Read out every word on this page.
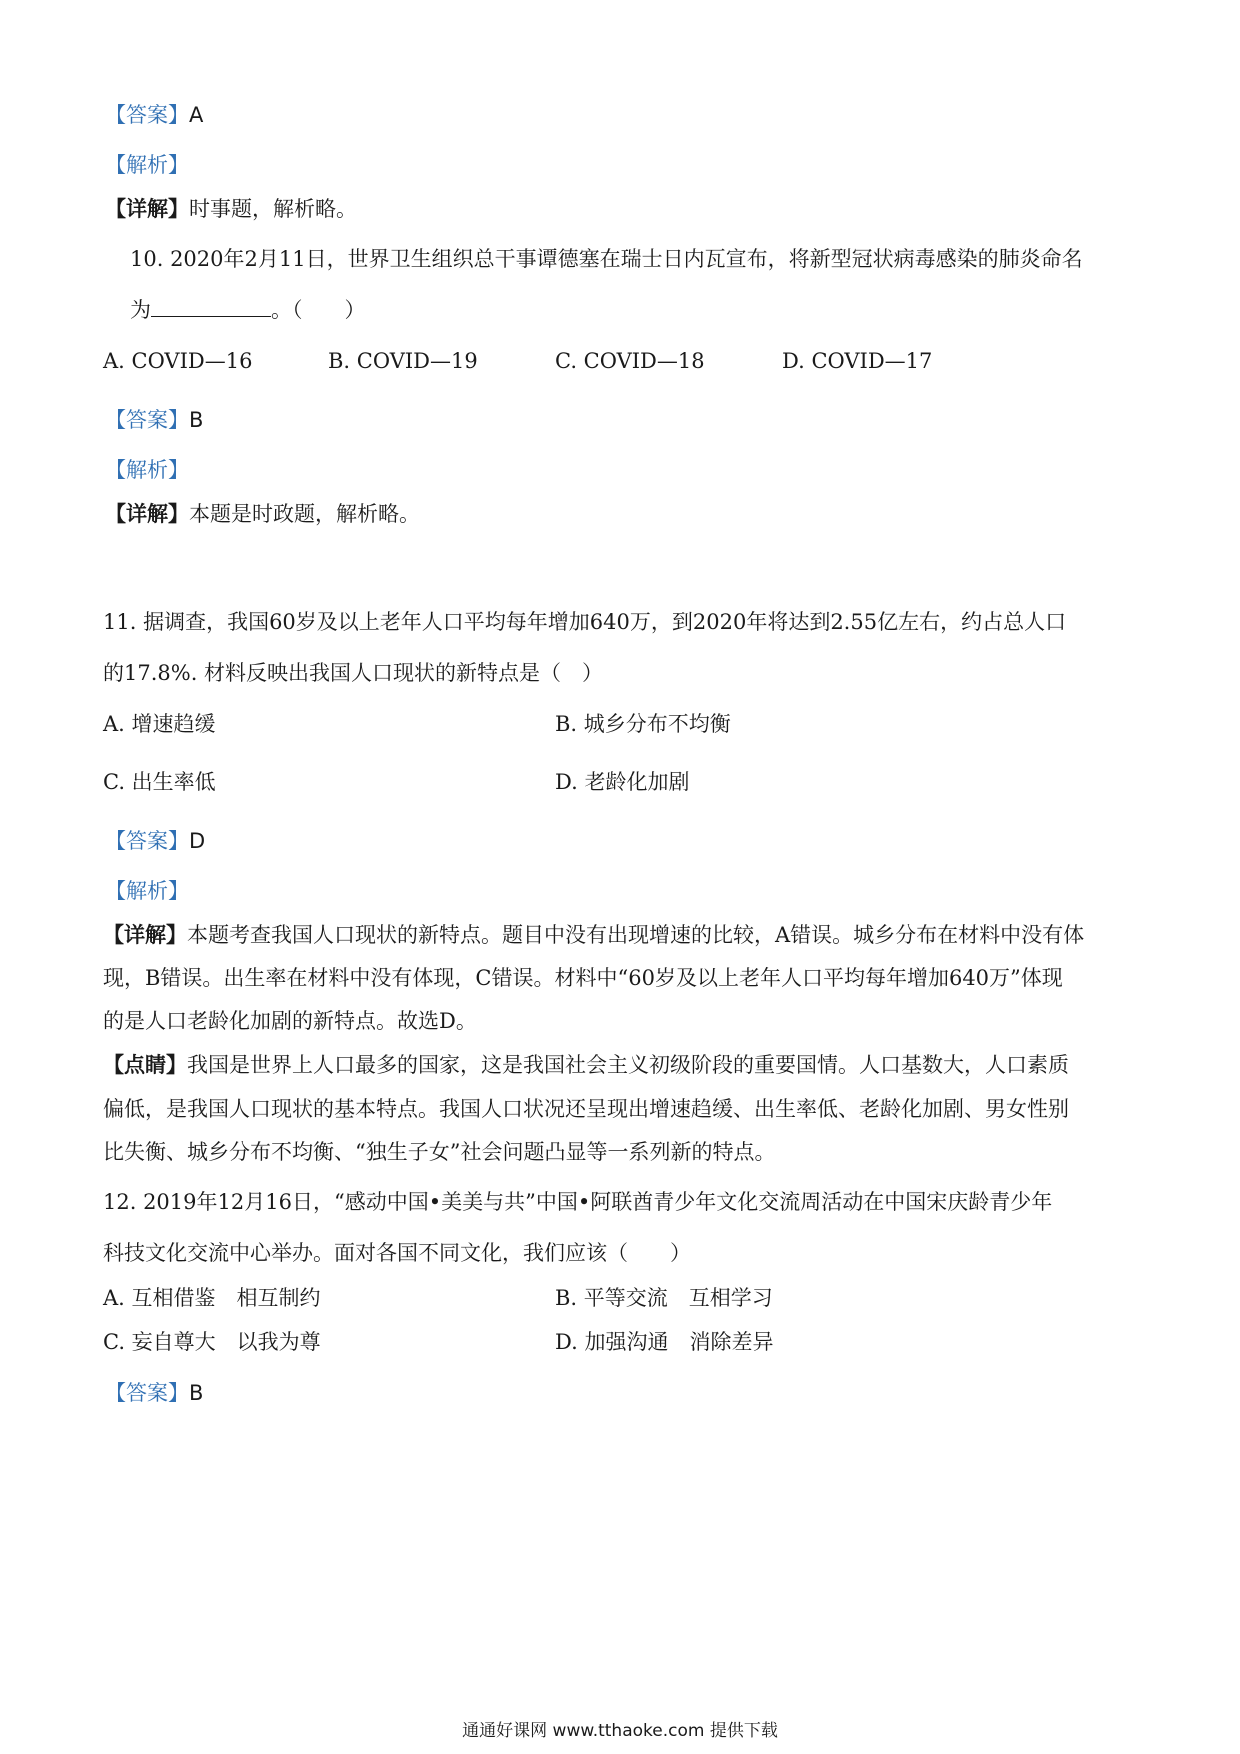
【答案】A
【解析】
【详解】时事题，解析略。
10. 2020年2月11日，世界卫生组织总干事谭德塞在瑞士日内瓦宣布，将新型冠状病毒感染的肺炎命名
为	。（　　）
A. COVID—16	B. COVID—19	C. COVID—18	D. COVID—17
【答案】B
【解析】
【详解】本题是时政题，解析略。
11. 据调查，我国60岁及以上老年人口平均每年增加640万，到2020年将达到2.55亿左右，约占总人口
的17.8%. 材料反映出我国人口现状的新特点是（　）
A. 增速趋缓	B. 城乡分布不均衡
C. 出生率低	D. 老龄化加剧
【答案】D
【解析】
【详解】本题考查我国人口现状的新特点。题目中没有出现增速的比较，A错误。城乡分布在材料中没有体
现，B错误。出生率在材料中没有体现，C错误。材料中“60岁及以上老年人口平均每年增加640万”体现
的是人口老龄化加剧的新特点。故选D。
【点睛】我国是世界上人口最多的国家，这是我国社会主义初级阶段的重要国情。人口基数大，人口素质
偏低，是我国人口现状的基本特点。我国人口状况还呈现出增速趋缓、出生率低、老龄化加剧、男女性别
比失衡、城乡分布不均衡、“独生子女”社会问题凸显等一系列新的特点。
12. 2019年12月16日，“感动中国•美美与共”中国•阿联酋青少年文化交流周活动在中国宋庆龄青少年
科技文化交流中心举办。面对各国不同文化，我们应该（　　）
A. 互相借鉴　相互制约	B. 平等交流　互相学习
C. 妄自尊大　以我为尊	D. 加强沟通　消除差异
【答案】B
通通好课网 www.tthaoke.com 提供下载
